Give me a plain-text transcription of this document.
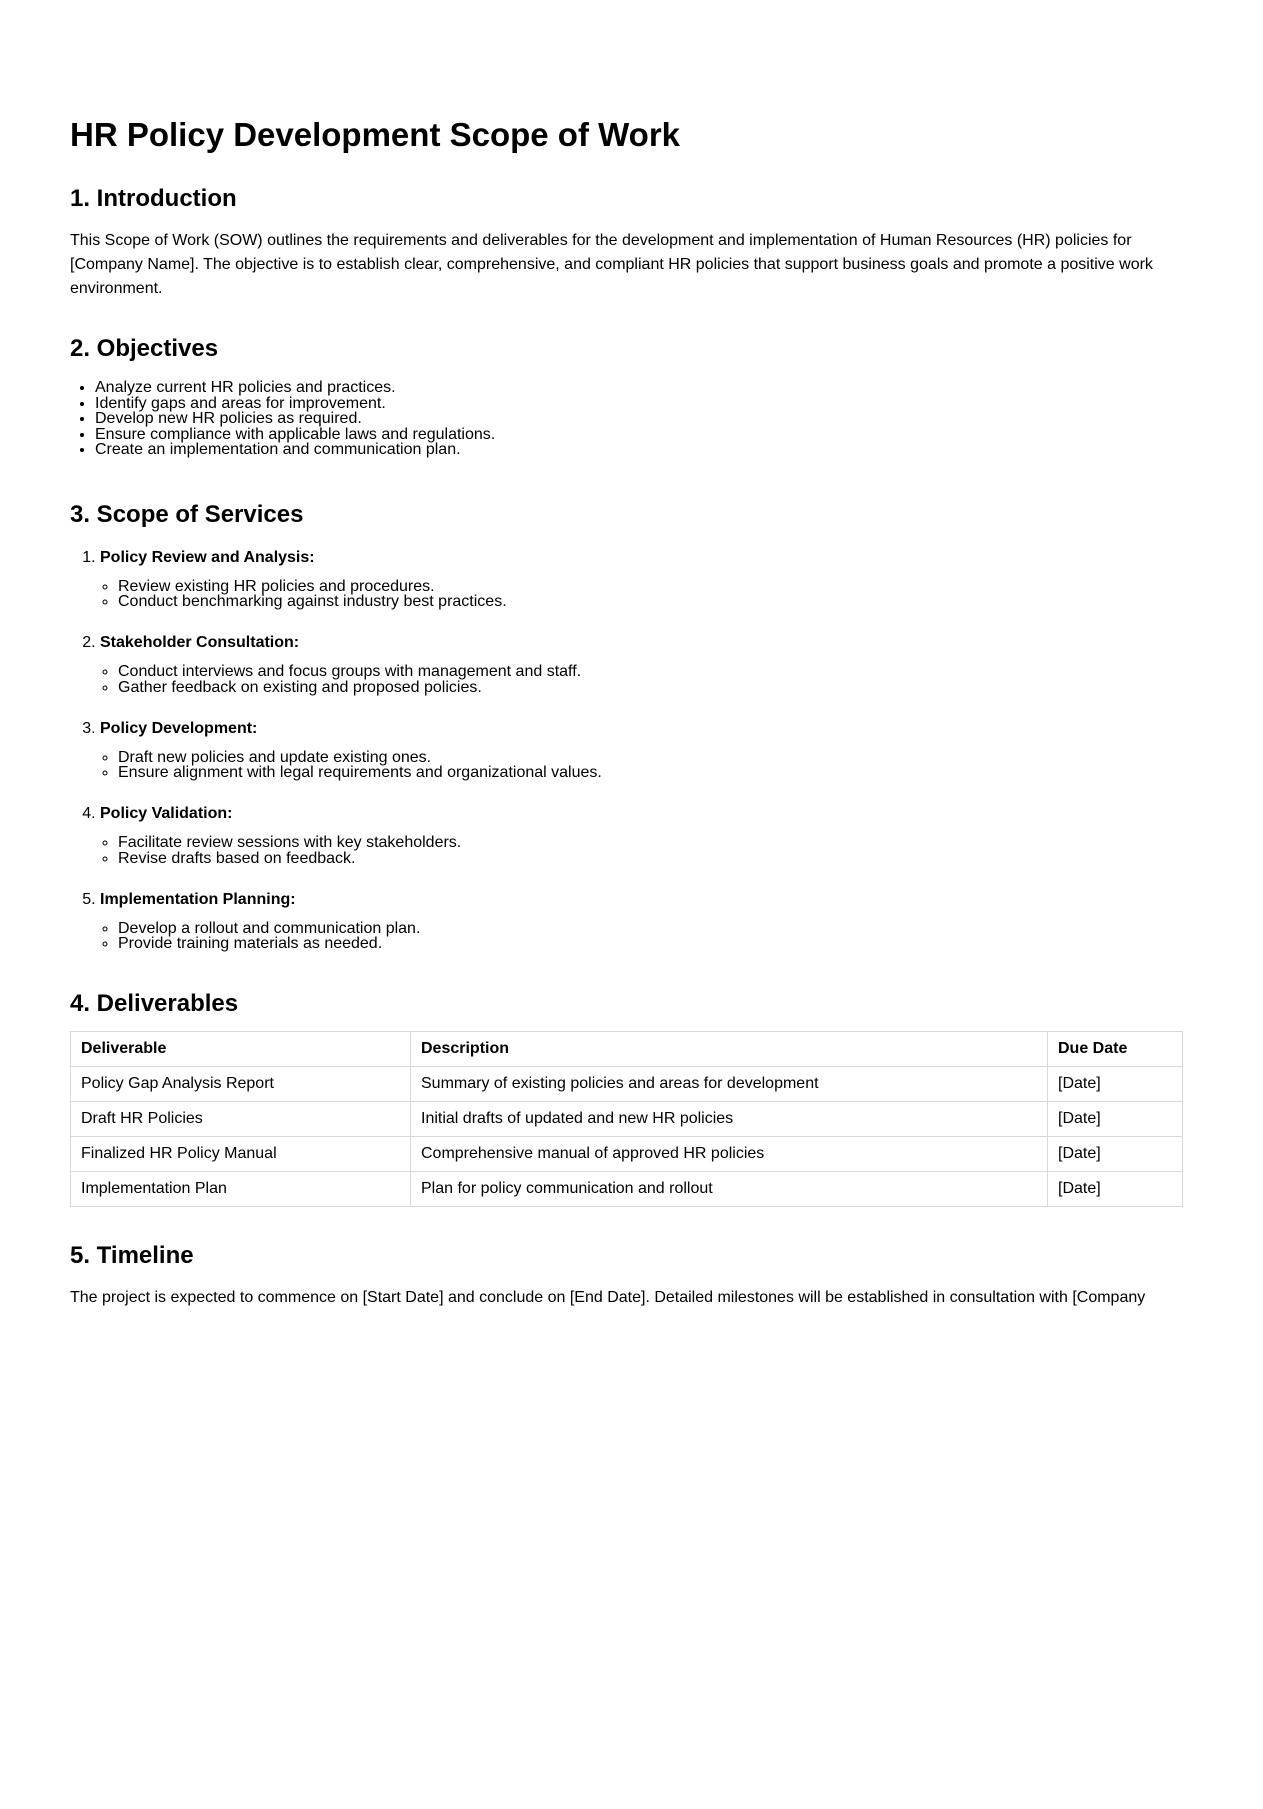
HR Policy Development Scope of Work
1. Introduction

This Scope of Work (SOW) outlines the requirements and deliverables for the development and implementation of Human Resources (HR) policies for [Company Name]. The objective is to establish clear, comprehensive, and compliant HR policies that support business goals and promote a positive work environment.

2. Objectives
• Analyze current HR policies and practices.
• Identify gaps and areas for improvement.
• Develop new HR policies as required.
• Ensure compliance with applicable laws and regulations.
• Create an implementation and communication plan.
3. Scope of Services
1. Policy Review and Analysis:
◦ Review existing HR policies and procedures.
◦ Conduct benchmarking against industry best practices.
2. Stakeholder Consultation:
◦ Conduct interviews and focus groups with management and staff.
◦ Gather feedback on existing and proposed policies.
3. Policy Development:
◦ Draft new policies and update existing ones.
◦ Ensure alignment with legal requirements and organizational values.
4. Policy Validation:
◦ Facilitate review sessions with key stakeholders.
◦ Revise drafts based on feedback.
5. Implementation Planning:
◦ Develop a rollout and communication plan.
◦ Provide training materials as needed.
4. Deliverables
Deliverable	Description	Due Date
Policy Gap Analysis Report	Summary of existing policies and areas for development	[Date]
Draft HR Policies	Initial drafts of updated and new HR policies	[Date]
Finalized HR Policy Manual	Comprehensive manual of approved HR policies	[Date]
Implementation Plan	Plan for policy communication and rollout	[Date]
5. Timeline

The project is expected to commence on [Start Date] and conclude on [End Date]. Detailed milestones will be established in consultation with [Company
